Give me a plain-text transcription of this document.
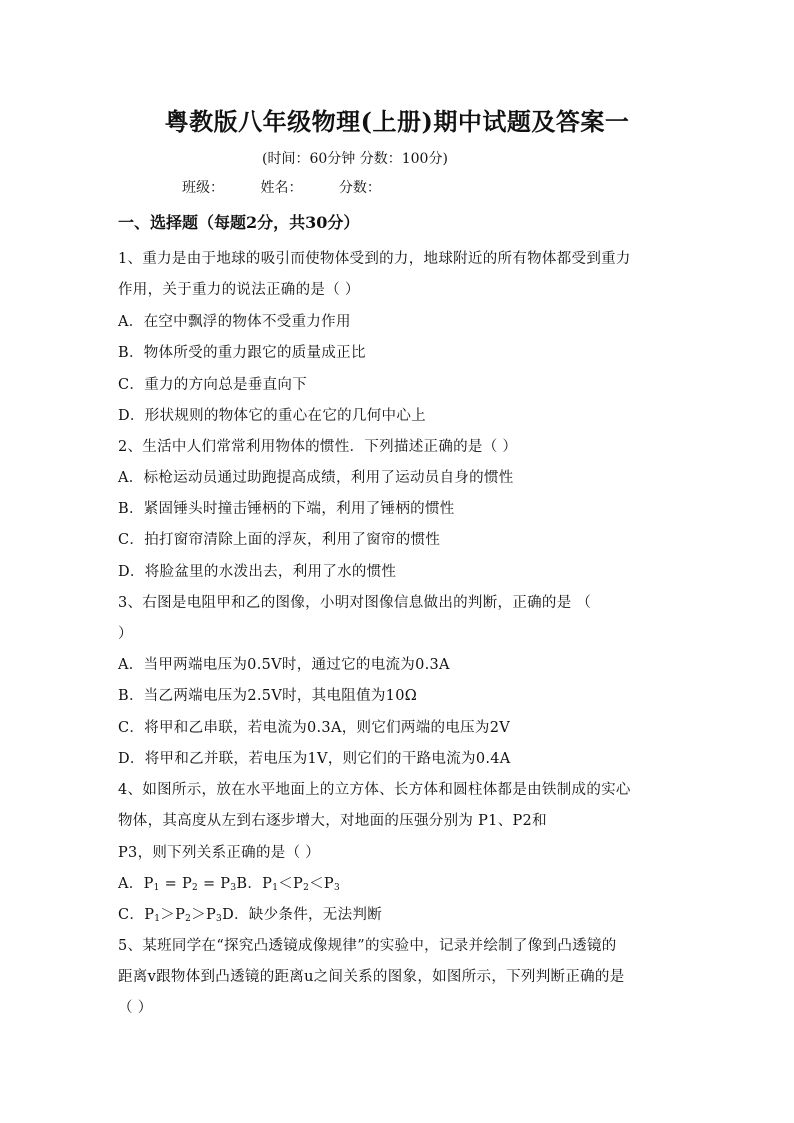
粤教版八年级物理(上册)期中试题及答案一
(时间：60分钟 分数：100分)
班级：	姓名：	分数：
一、选择题（每题2分，共30分）
1、重力是由于地球的吸引而使物体受到的力，地球附近的所有物体都受到重力
作用，关于重力的说法正确的是（ ）
A．在空中飘浮的物体不受重力作用
B．物体所受的重力跟它的质量成正比
C．重力的方向总是垂直向下
D．形状规则的物体它的重心在它的几何中心上
2、生活中人们常常利用物体的惯性．下列描述正确的是（ ）
A．标枪运动员通过助跑提高成绩，利用了运动员自身的惯性
B．紧固锤头时撞击锤柄的下端，利用了锤柄的惯性
C．拍打窗帘清除上面的浮灰，利用了窗帘的惯性
D．将脸盆里的水泼出去，利用了水的惯性
3、右图是电阻甲和乙的图像，小明对图像信息做出的判断，正确的是 （
）
A．当甲两端电压为0.5V时，通过它的电流为0.3A
B．当乙两端电压为2.5V时，其电阻值为10Ω
C．将甲和乙串联，若电流为0.3A，则它们两端的电压为2V
D．将甲和乙并联，若电压为1V，则它们的干路电流为0.4A
4、如图所示，放在水平地面上的立方体、长方体和圆柱体都是由铁制成的实心
物体，其高度从左到右逐步增大，对地面的压强分别为 P1、P2和
P3，则下列关系正确的是（ ）
A．$P_1 = P_2 = P_3B$．$P_1<P_2<P_3$
C．$P_1>P_2>P_3D$．缺少条件，无法判断
5、某班同学在“探究凸透镜成像规律”的实验中，记录并绘制了像到凸透镜的
距离v跟物体到凸透镜的距离u之间关系的图象，如图所示，下列判断正确的是
（ ）
